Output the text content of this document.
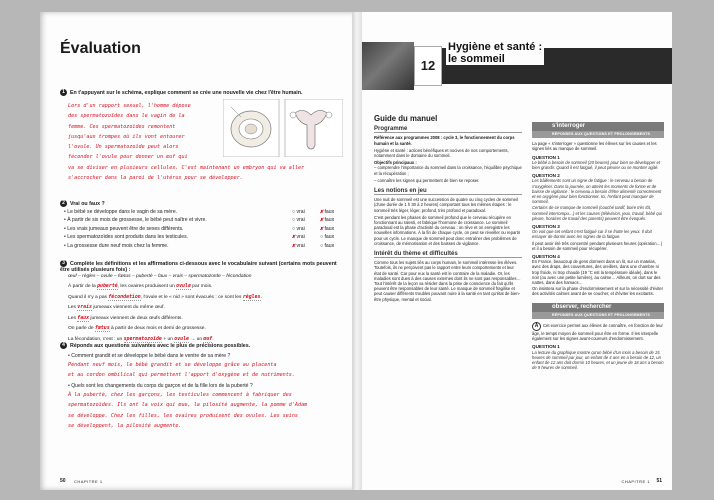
Évaluation
1 En t'appuyant sur le schéma, explique comment se crée une nouvelle vie chez l'être humain.
Lors d'un rapport sexuel, l'homme dépose
des spermatozoïdes dans le vagin de la
femme. Ces spermatozoïdes remontent
jusqu'aux trompes où ils vont entourer
l'ovule. Un spermatozoïde peut alors
féconder l'ovule pour donner un œuf qui
va se diviser en plusieurs cellules. C'est maintenant un embryon qui va aller
s'accrocher dans la paroi de l'utérus pour se développer.
2 Vrai ou faux ?
• Le bébé se développe dans le vagin de sa mère.	○ vrai	✘ faux
• À partir de six mois de grossesse, le bébé peut naître et vivre.	○ vrai	✘ faux
• Les vrais jumeaux peuvent être de sexes différents.	○ vrai	✘ faux
• Les spermatozoïdes sont produits dans les testicules.	✘ vrai	○ faux
• La grossesse dure neuf mois chez la femme.	✘ vrai	○ faux
3 Complète les définitions et les affirmations ci-dessous avec le vocabulaire suivant (certains mots peuvent être utilisés plusieurs fois) :
œuf – règles – ovule – fœtus – puberté – faux – vrais – spermatozoïde – fécondation
À partir de la puberté, les ovaires produisent un ovule par mois.
Quand il n'y a pas fécondation, l'ovule et le « nid » sont évacués : ce sont les règles.
Les vrais jumeaux viennent du même œuf.
Les faux jumeaux viennent de deux œufs différents.
On parle de fœtus à partir de deux mois et demi de grossesse.
La fécondation, c'est : un spermatozoïde + un ovule → un œuf.
4 Réponds aux questions suivantes avec le plus de précisions possibles.
• Comment grandit et se développe le bébé dans le ventre de sa mère ?
Pendant neuf mois, le bébé grandit et se développe grâce au placenta
et au cordon ombilical qui permettent l'apport d'oxygène et de nutriments.
• Quels sont les changements du corps du garçon et de la fille lors de la puberté ?
À la puberté, chez les garçons, les testicules commencent à fabriquer des
spermatozoïdes. Ils ont la voix qui mue, la pilosité augmente, la pomme d'Adam
se développe. Chez les filles, les ovaires produisent des ovules. Les seins
se développent, la pilosité augmente.
50 CHAPITRE 1
12
Hygiène et santé :
le sommeil
Guide du manuel
Programme

Référence aux programmes 2008 : cycle 3, le fonctionnement du corps humain et la santé.

Hygiène et santé : actions bénéfiques et nocives de nos comportements, notamment dans le domaine du sommeil.

Objectifs principaux :

– comprendre l'importance du sommeil dans la croissance, l'équilibre psychique et la récupération ;

– connaître les signes qui permettent de bien se reposer.

Les notions en jeu

Une nuit de sommeil est une succession de quatre ou cinq cycles de sommeil (d'une durée de 1 h 30 à 2 heures) comportant tous les mêmes étapes : le sommeil très léger, léger, profond, très profond et paradoxal.

C'est pendant les phases de sommeil profond que le cerveau récupère en fonctionnant au ralenti, et fabrique l'hormone de croissance. Le sommeil paradoxal est la phase d'activité du cerveau : on rêve et on enregistre les nouvelles informations. À la fin de chaque cycle, on peut se réveiller ou repartir pour un cycle. Le manque de sommeil peut donc entraîner des problèmes de croissance, de mémorisation et des baisses de vigilance.

Intérêt du thème et difficultés

Comme tous les sujets liés au corps humain, le sommeil intéresse les élèves. Toutefois, ils ne perçoivent pas le rapport entre leurs comportements et leur état de santé. Car pour eux la santé est le contraire de la maladie. Or, les maladies sont dues à des causes externes dont ils ne sont pas responsables… Tout l'intérêt de la leçon va résider dans la prise de conscience du fait qu'ils peuvent être responsables de leur santé. Le manque de sommeil fragilise et peut causer différents troubles pouvant nuire à la santé en tant qu'état de bien-être physique, mental et social.

s'interroger
RÉPONSES AUX QUESTIONS ET PROLONGEMENTS

La page « s'interroger » questionne les élèves sur les causes et les signes liés au manque de sommeil.

QUESTION 1
Le bébé a besoin de sommeil (20 heures) pour bien se développer et bien grandir. Quand il est fatigué, il peut pleurer ou se montrer agité.
QUESTION 2
Les bâillements sont un signe de fatigue : le cerveau a besoin de s'oxygéner. Dans la journée, on atteint les moments de forme et de baisse de vigilance : le cerveau a besoin d'être alimenté correctement et en oxygène pour bien fonctionner. Ici, l'enfant peut manquer de sommeil.
Certains de ce manque de sommeil (couché tardif, boire très tôt, sommeil interrompu…) et les causes (télévision, jeux, travail, bébé qui pleure, horaires de travail des parents) peuvent être évoqués.
QUESTION 3
On voit que cet enfant n'est fatigué car il se frotte les yeux. Il doit essayer de dormir avec les signes de la fatigue.
Il peut avoir été très concentré pendant plusieurs heures (opération…) et il a besoin de sommeil pour récupérer.
QUESTION 4
En France, beaucoup de gens dorment dans un lit, sur un matelas, avec des draps, des couvertures, des oreillers, dans une chambre ni trop froide, ni trop chaude (19 °C est la température idéale), dans le noir (ou avec une petite lumière), au calme… Ailleurs, on dort sur des nattes, dans des hamacs…
On insistera sur la phase d'endormissement et sur la nécessité d'éviter des activités calmes avant de se coucher, et d'éviter les excitants.
observer, rechercher
RÉPONSES AUX QUESTIONS ET PROLONGEMENTS

A Cet exercice permet aux élèves de connaître, en fonction de leur âge, le temps moyen de sommeil pour être en forme. Il les interpelle également sur les signes avant-coureurs d'endormissement.

QUESTION 1
La lecture du graphique montre qu'un bébé d'un mois a besoin de 15 heures de sommeil par jour, un enfant de 4 ans en a besoin de 12, un enfant de 12 ans doit dormir 10 heures, et un jeune de 18 ans a besoin de 9 heures de sommeil.
CHAPITRE 1 51
